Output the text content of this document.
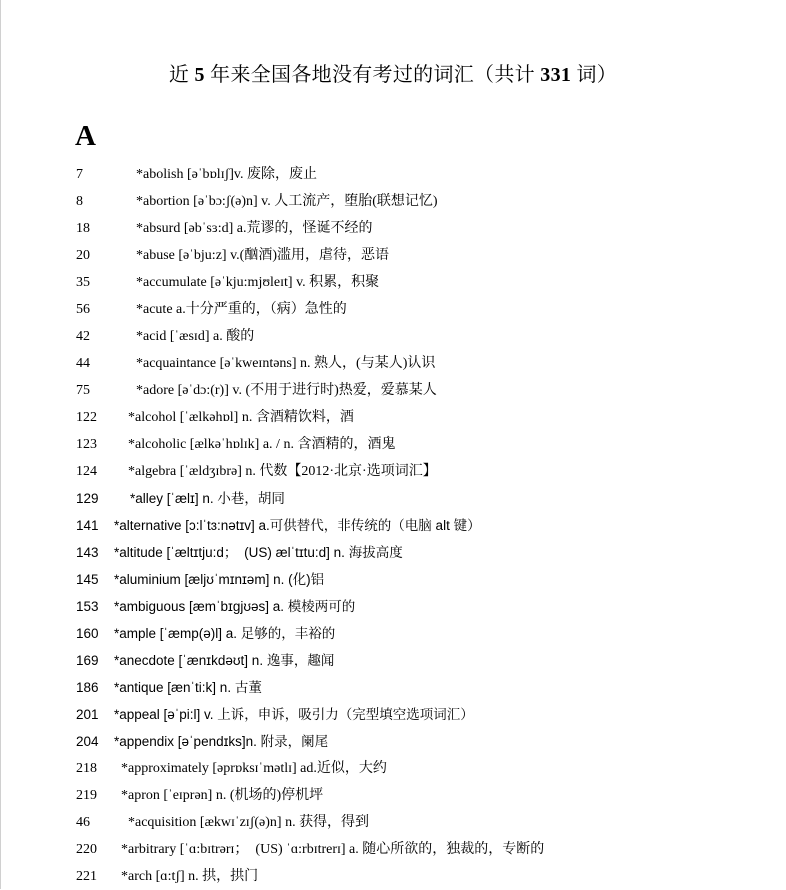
近 5 年来全国各地没有考过的词汇（共计 331 词）
A
7	*abolish [əˈbɒlɪʃ]v. 废除，废止
8	*abortion [əˈbɔ:ʃ(ə)n] v. 人工流产，堕胎(联想记忆)
18	*absurd [əbˈsɜ:d] a.荒谬的，怪诞不经的
20	*abuse [əˈbju:z] v.(酗酒)滥用，虐待，恶语
35	*accumulate [əˈkju:mjʊleɪt] v. 积累，积聚
56	*acute a.十分严重的，（病）急性的
42	*acid [ˈæsɪd] a. 酸的
44	*acquaintance [əˈkweɪntəns] n. 熟人，(与某人)认识
75	*adore [əˈdɔ:(r)] v. (不用于进行时)热爱，爱慕某人
122 *alcohol [ˈælkəhɒl] n. 含酒精饮料，酒
123 *alcoholic [ælkəˈhɒlɪk] a. / n. 含酒精的，酒鬼
124 *algebra [ˈældʒɪbrə] n. 代数【2012·北京·选项词汇】
129 *alley [ˈælɪ] n. 小巷，胡同
141 *alternative [ɔ:lˈtɜ:nətɪv] a.可供替代，非传统的（电脑 alt 键）
143 *altitude [ˈæltɪtju:d；　(US) ælˈtɪtu:d] n. 海拔高度
145 *aluminium [æljʊˈmɪnɪəm] n. (化)铝
153 *ambiguous [æmˈbɪgjʊəs] a. 模棱两可的
160 *ample [ˈæmp(ə)l] a. 足够的，丰裕的
169 *anecdote [ˈænɪkdəʊt] n. 逸事，趣闻
186 *antique [ænˈti:k] n. 古董
201 *appeal [əˈpi:l] v. 上诉，申诉，吸引力（完型填空选项词汇）
204 *appendix [əˈpendɪks]n. 附录，阑尾
218 *approximately [əprɒksɪˈmətlɪ] ad.近似，大约
219 *apron [ˈeɪprən] n. (机场的)停机坪
46	*acquisition [ækwɪˈzɪʃ(ə)n] n. 获得，得到
220 *arbitrary [ˈɑ:bɪtrərɪ；　(US) ˈɑ:rbɪtrerɪ] a. 随心所欲的，独裁的，专断的
221 *arch [ɑ:tʃ] n. 拱，拱门
